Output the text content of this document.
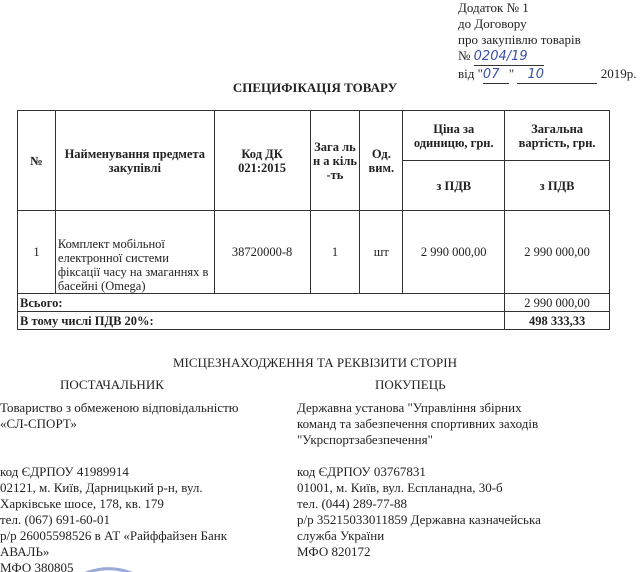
Додаток № 1
до Договору
про закупівлю товарів
№ 0204/19
від "07 " 10	2019р.
СПЕЦИФІКАЦІЯ ТОВАРУ
№	Найменування предмета закупівлі	Код ДК 021:2015	Зага льн а кіль -ть	Од. вим.	Ціна за одиницю, грн.	Загальна вартість, грн.
					з ПДВ	з ПДВ
1	Комплект мобільної електронної системи фіксації часу на змаганнях в басейні (Omega)	38720000-8	1	шт	2 990 000,00	2 990 000,00
Всього:						2 990 000,00
В тому числі ПДВ 20%:						498 333,33
МІСЦЕЗНАХОДЖЕННЯ ТА РЕКВІЗИТИ СТОРІН
ПОСТАЧАЛЬНИК	ПОКУПЕЦЬ
Товариство з обмеженою відповідальністю
«СЛ-СПОРТ»
код ЄДРПОУ 41989914
02121, м. Київ, Дарницький р-н, вул.
Харківське шосе, 178, кв. 179
тел. (067) 691-60-01
р/р 26005598526 в АТ «Райффайзен Банк
АВАЛЬ»
МФО 380805
Державна установа "Управління збірних
команд та забезпечення спортивних заходів
"Укрспортзабезпечення"
код ЄДРПОУ 03767831
01001, м. Київ, вул. Еспланадна, 30-б
тел. (044) 289-77-88
р/р 35215033011859 Державна казначейська
служба України
МФО 820172
